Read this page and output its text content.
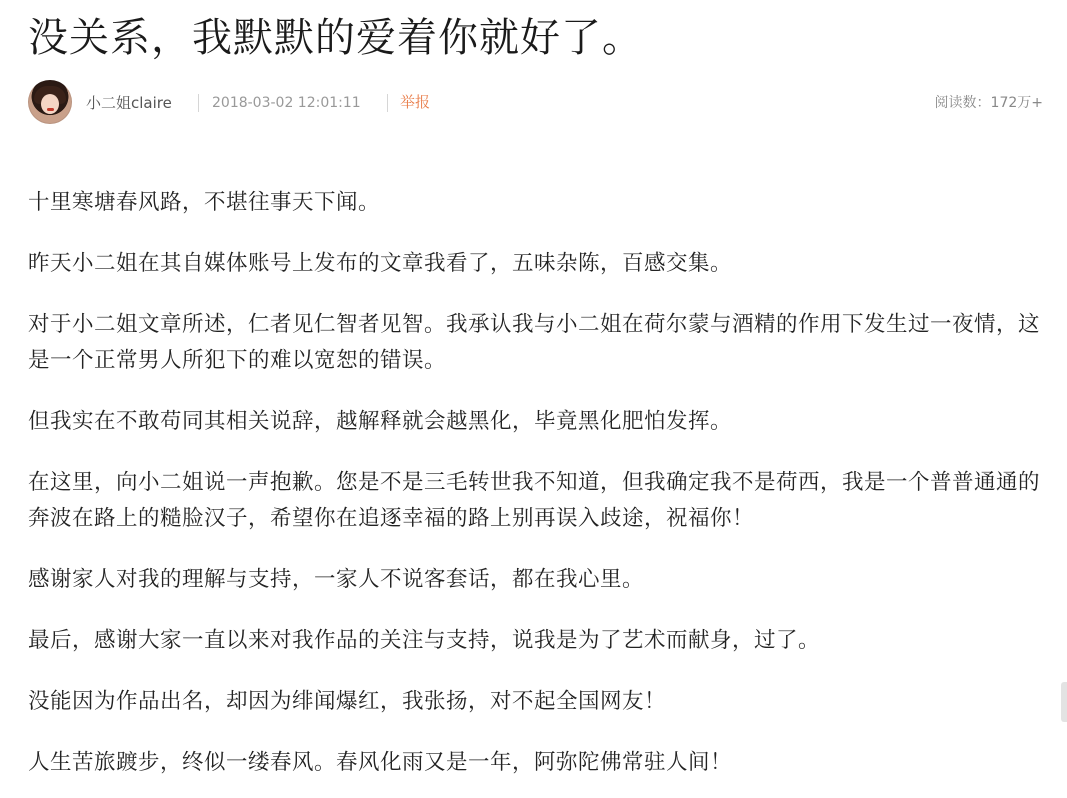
没关系，我默默的爱着你就好了。
小二姐claire	2018-03-02 12:01:11	举报	阅读数：172万+

十里寒塘春风路，不堪往事天下闻。

昨天小二姐在其自媒体账号上发布的文章我看了，五味杂陈，百感交集。

对于小二姐文章所述，仁者见仁智者见智。我承认我与小二姐在荷尔蒙与酒精的作用下发生过一夜情，这是一个正常男人所犯下的难以宽恕的错误。

但我实在不敢苟同其相关说辞，越解释就会越黑化，毕竟黑化肥怕发挥。

在这里，向小二姐说一声抱歉。您是不是三毛转世我不知道，但我确定我不是荷西，我是一个普普通通的奔波在路上的糙脸汉子，希望你在追逐幸福的路上别再误入歧途，祝福你！

感谢家人对我的理解与支持，一家人不说客套话，都在我心里。

最后，感谢大家一直以来对我作品的关注与支持，说我是为了艺术而献身，过了。

没能因为作品出名，却因为绯闻爆红，我张扬，对不起全国网友！

人生苦旅踱步，终似一缕春风。春风化雨又是一年，阿弥陀佛常驻人间！
